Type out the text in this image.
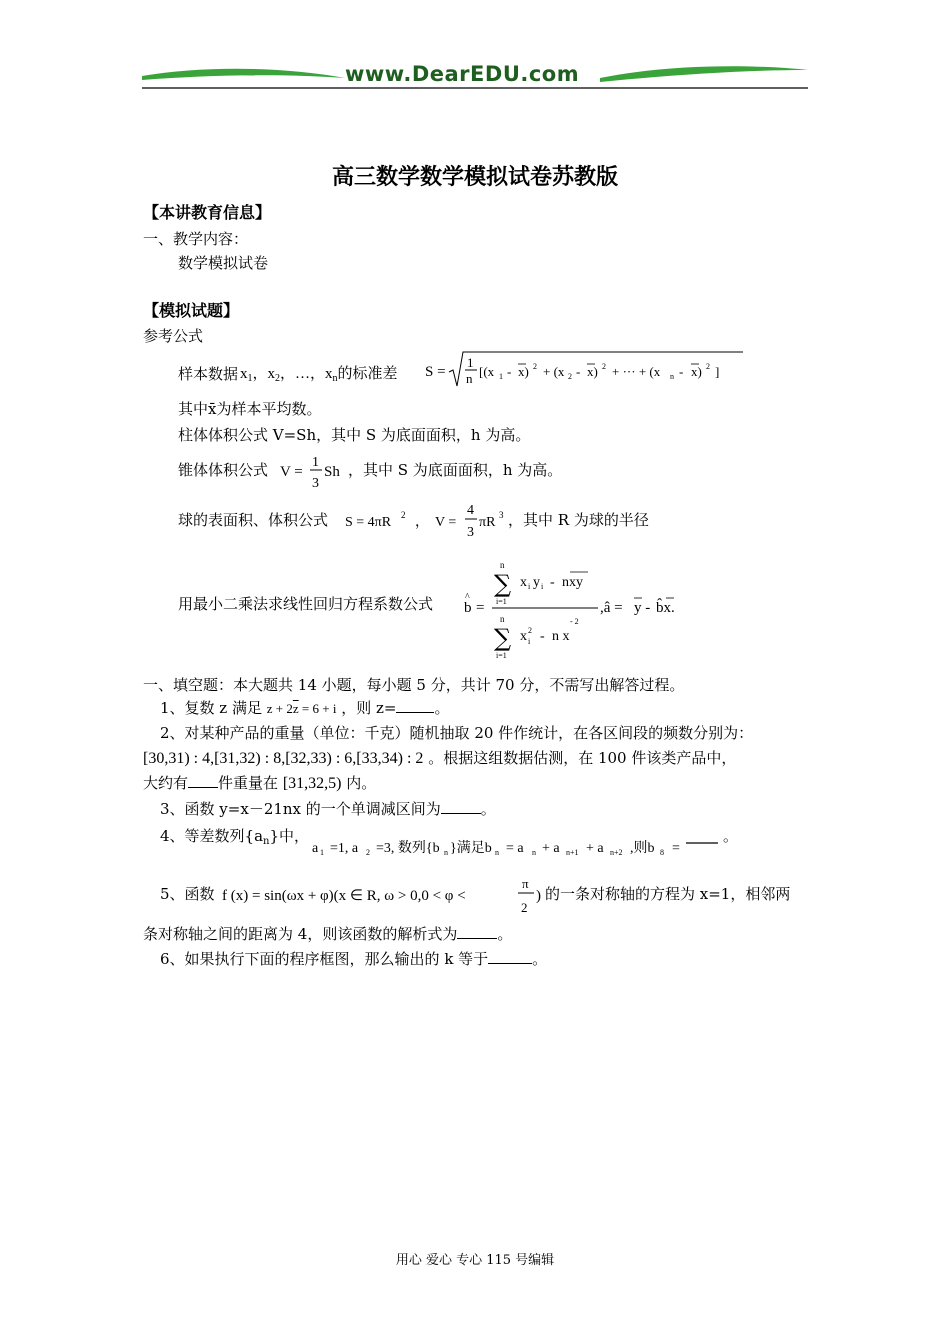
www.DearEDU.com
高三数学数学模拟试卷苏教版
【本讲教育信息】
一、教学内容：
数学模拟试卷
【模拟试题】
参考公式
样本数据 $x_1$，$x_2$，…，$x_n$的标准差 S =
1
n [(x 1 - x) 2 + (x 2 - x) 2 + ··· + (x n - x) 2 ]
其中x̄为样本平均数。
柱体体积公式 V=Sh，其中 S 为底面面积，h 为高。
锥体体积公式 V =
1
3
Sh ，其中 S 为底面面积，h 为高。
球的表面积、体积公式 S = 4πR 2 ， V =
4
3
πR 3 ，其中 R 为球的半径
用最小二乘法求线性回归方程系数公式 b
^
=
n
∑
i=1
x i y i - nxy
n
∑
i=1
x 2
i - n x
- 2
,â = y - b̂x.
一、填空题：本大题共 14 小题，每小题 5 分，共计 70 分，不需写出解答过程。
1、复数 z 满足 $z + 2\overline{z} = 6 + i$ ，则 z=	。
2、对某种产品的重量（单位：千克）随机抽取 20 件作统计，在各区间段的频数分别为：
[30,31) : 4,[31,32) : 8,[32,33) : 6,[33,34) : 2 。根据这组数据估测，在 100 件该类产品中，
大约有 件重量在 [31,32,5) 内。
3、函数 y=x－21nx 的一个单调减区间为	。
4、等差数列$\{a_n\}$中，
a 1 =1, a 2 =3, 数列{b n }满足b n = a n + a n+1 + a n+2 ,则b 8 =
。
5、函数 f (x) = sin(ωx + φ)(x ∈ R, ω > 0,0 < φ <
π
2
) 的一条对称轴的方程为 x=1，相邻两
条对称轴之间的距离为 4，则该函数的解析式为	。
6、如果执行下面的程序框图，那么输出的 k 等于	。
用心 爱心 专心 115 号编辑
